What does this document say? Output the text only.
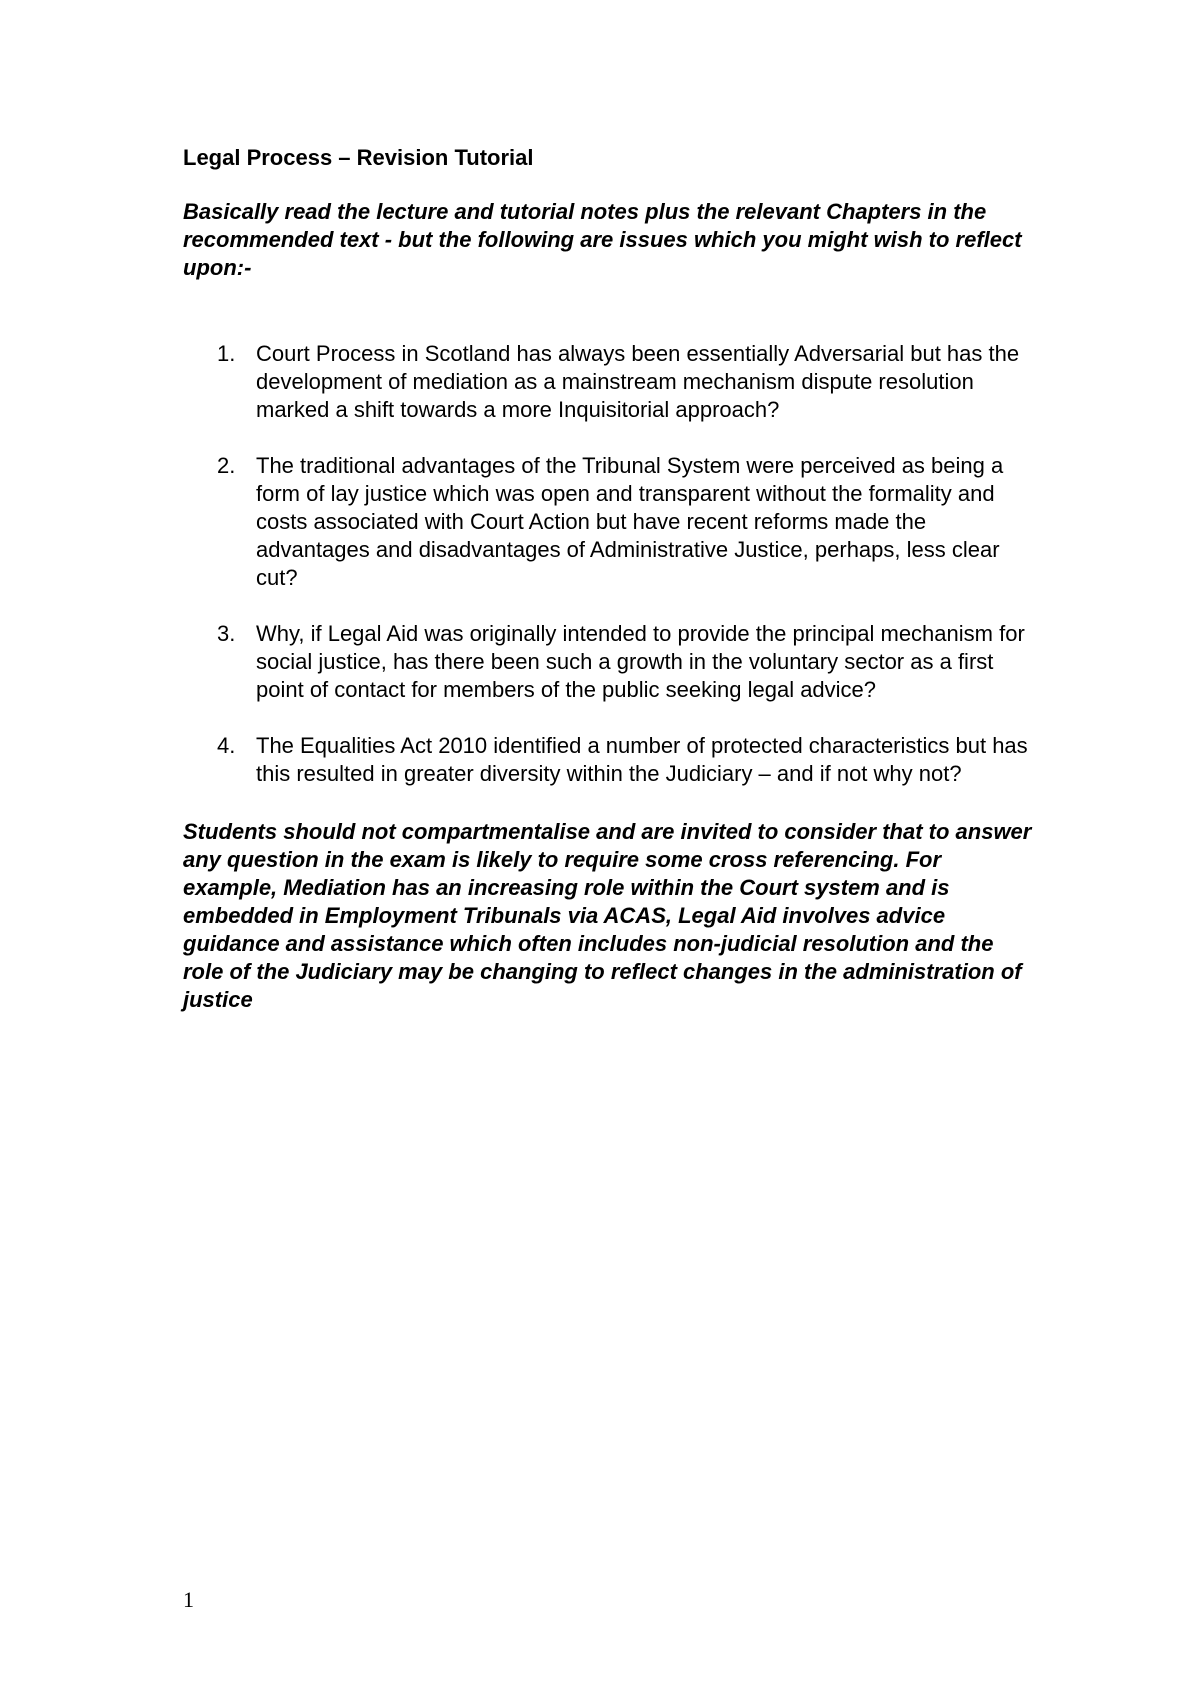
Legal Process – Revision Tutorial

Basically read the lecture and tutorial notes plus the relevant Chapters in the recommended text - but the following are issues which you might wish to reflect upon:-

1. Court Process in Scotland has always been essentially Adversarial but has the development of mediation as a mainstream mechanism dispute resolution marked a shift towards a more Inquisitorial approach?
2. The traditional advantages of the Tribunal System were perceived as being a form of lay justice which was open and transparent without the formality and costs associated with Court Action but have recent reforms made the advantages and disadvantages of Administrative Justice, perhaps, less clear cut?
3. Why, if Legal Aid was originally intended to provide the principal mechanism for social justice, has there been such a growth in the voluntary sector as a first point of contact for members of the public seeking legal advice?
4. The Equalities Act 2010 identified a number of protected characteristics but has this resulted in greater diversity within the Judiciary – and if not why not?

Students should not compartmentalise and are invited to consider that to answer any question in the exam is likely to require some cross referencing. For example, Mediation has an increasing role within the Court system and is embedded in Employment Tribunals via ACAS, Legal Aid involves advice guidance and assistance which often includes non-judicial resolution and the role of the Judiciary may be changing to reflect changes in the administration of justice

1
